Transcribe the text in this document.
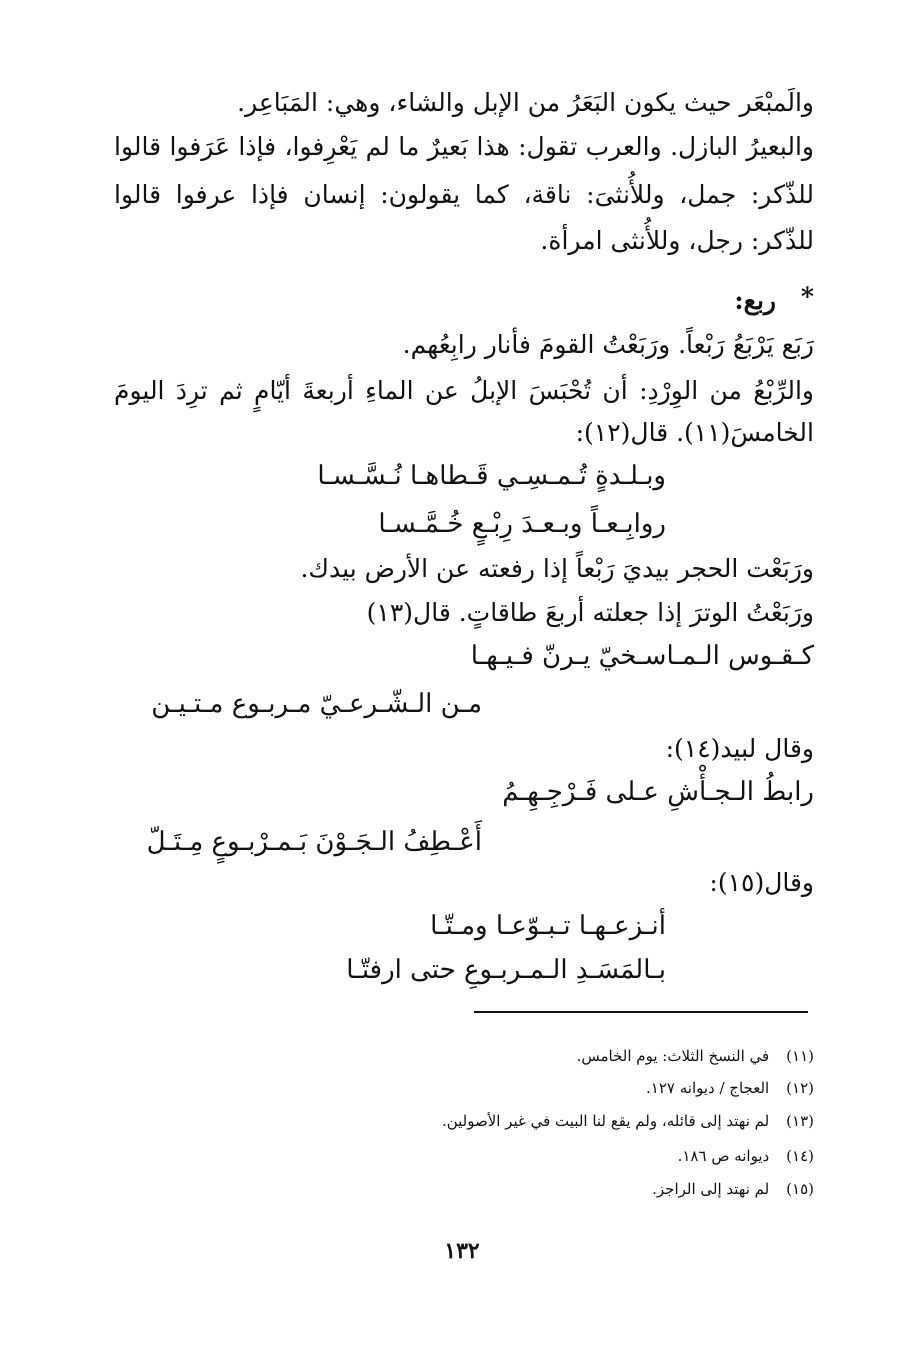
والَمبْعَر حيث يكون البَعَرُ من الإبل والشاء، وهي: المَبَاعِر.
والبعيرُ البازل. والعرب تقول: هذا بَعيرٌ ما لم يَعْرِفوا، فإذا عَرَفوا قالوا
للذّكر: جمل، وللأُنثىَ: ناقة، كما يقولون: إنسان فإذا عرفوا قالوا
للذّكر: رجل، وللأُنثى امرأة.
*
ربع:
رَبَع يَرْبَعُ رَبْعاً. ورَبَعْتُ القومَ فأنار رابِعُهم.
والرِّبْعُ من الوِرْدِ: أن تُحْبَسَ الإبلُ عن الماءِ أربعةَ أيّامٍ ثم ترِدَ اليومَ
الخامسَ(١١). قال(١٢):
وبـلـدةٍ تُـمـسِـي قَـطاهـا نُـسَّـسـا
روابِـعـاً وبـعـدَ رِبْـعٍ خُـمَّـسـا
ورَبَعْت الحجر بيديَ رَبْعاً إذا رفعته عن الأرض بيدك.
ورَبَعْتُ الوترَ إذا جعلته أربعَ طاقاتٍ. قال(١٣)
كـقـوس الـمـاسـخيّ يـرنّ فـيـهـا
مـن الـشّـرعـيّ مـربـوع مـتـيـن
وقال لبيد(١٤):
رابطُ الـجـأْشِ عـلى فَـرْجِـهِـمُ
أَعْـطِفُ الـجَـوْنَ بَـمـرْبـوعٍ مِـتَـلّ
وقال(١٥):
أنـزعـهـا تـبـوّعـا ومـتّـا
بـالمَسَـدِ الـمـربـوعِ حتى ارفتّـا
(١١) في النسخ الثلاث: يوم الخامس.
(١٢) العجاج / ديوانه ١٢٧.
(١٣) لم نهتد إلى قائله، ولم يقع لنا البيت في غير الأصولين.
(١٤) ديوانه ص ١٨٦.
(١٥) لم نهتد إلى الراجز.
١٣٢
